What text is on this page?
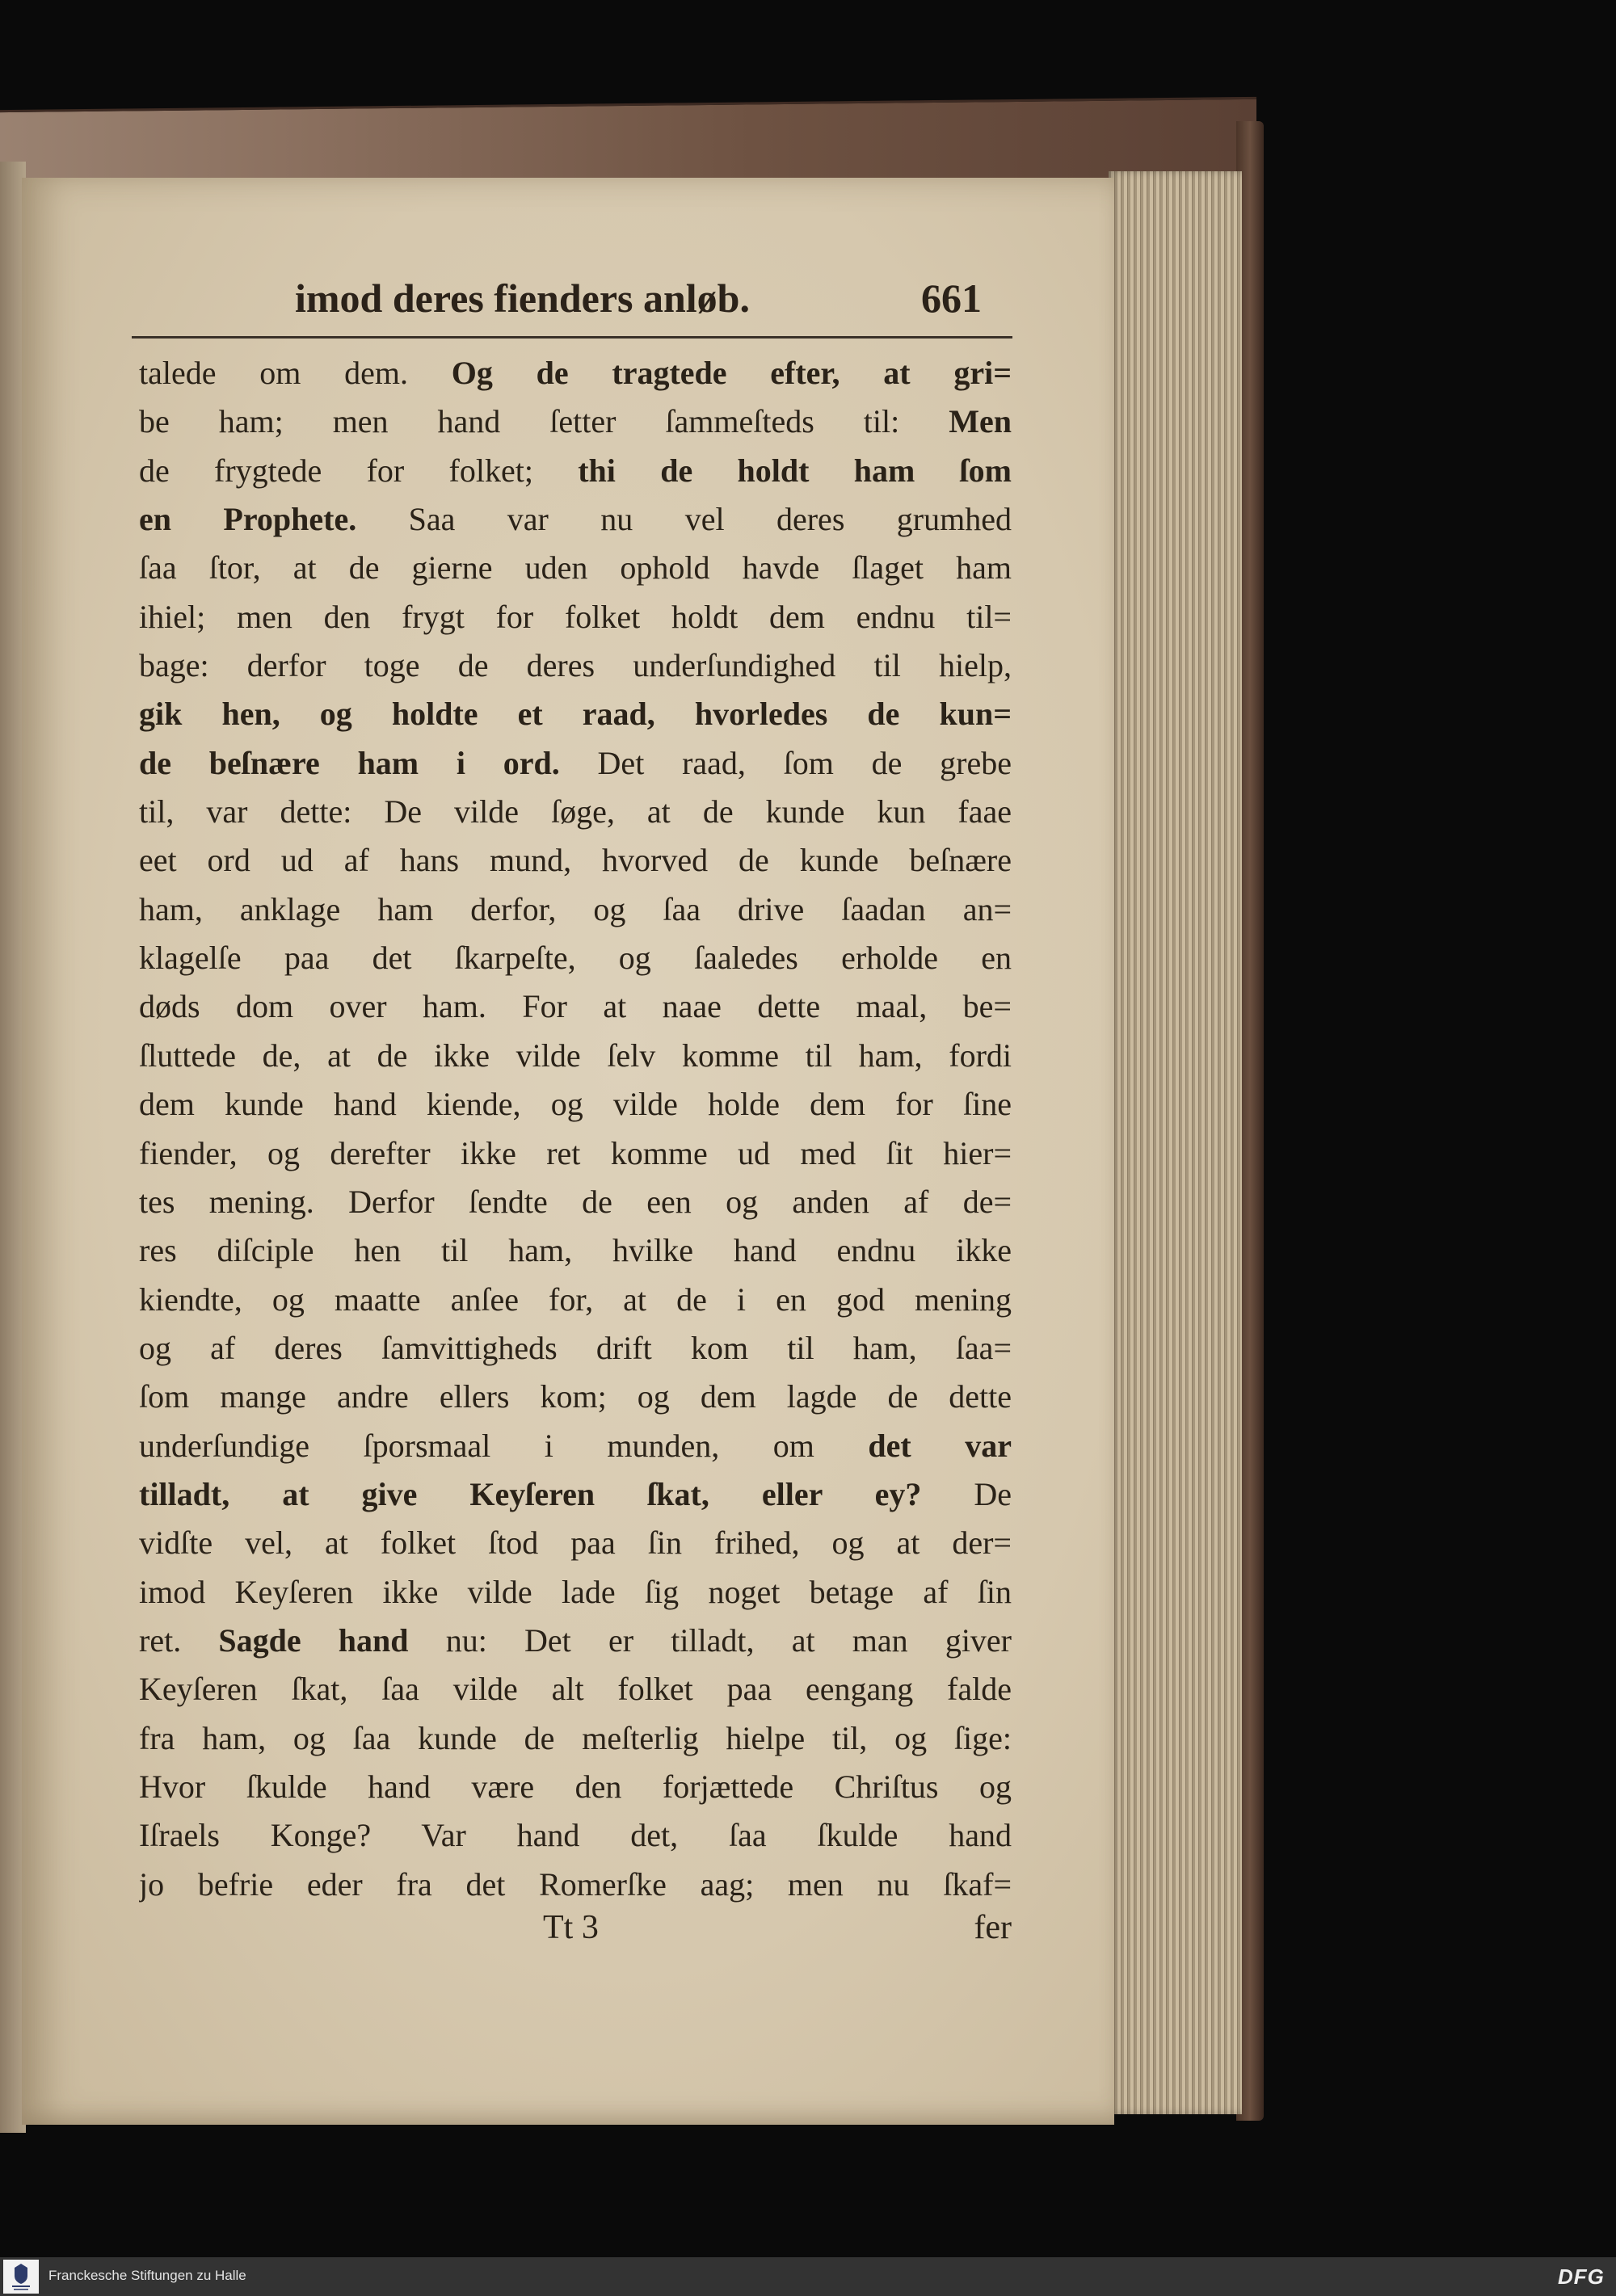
imod deres fienders anløb.	661
talede om dem. Og de tragtede efter, at gri=
be ham; men hand ſetter ſammeſteds til: Men
de frygtede for folket; thi de holdt ham ſom
en Prophete. Saa var nu vel deres grumhed
ſaa ſtor, at de gierne uden ophold havde ſlaget ham
ihiel; men den frygt for folket holdt dem endnu til=
bage: derfor toge de deres underſundighed til hielp,
gik hen, og holdte et raad, hvorledes de kun=
de beſnære ham i ord. Det raad, ſom de grebe
til, var dette: De vilde ſøge, at de kunde kun faae
eet ord ud af hans mund, hvorved de kunde beſnære
ham, anklage ham derfor, og ſaa drive ſaadan an=
klagelſe paa det ſkarpeſte, og ſaaledes erholde en
døds dom over ham. For at naae dette maal, be=
ſluttede de, at de ikke vilde ſelv komme til ham, fordi
dem kunde hand kiende, og vilde holde dem for ſine
fiender, og derefter ikke ret komme ud med ſit hier=
tes mening. Derfor ſendte de een og anden af de=
res diſciple hen til ham, hvilke hand endnu ikke
kiendte, og maatte anſee for, at de i en god mening
og af deres ſamvittigheds drift kom til ham, ſaa=
ſom mange andre ellers kom; og dem lagde de dette
underſundige ſporsmaal i munden, om det var
tilladt, at give Keyſeren ſkat, eller ey? De
vidſte vel, at folket ſtod paa ſin frihed, og at der=
imod Keyſeren ikke vilde lade ſig noget betage af ſin
ret. Sagde hand nu: Det er tilladt, at man giver
Keyſeren ſkat, ſaa vilde alt folket paa eengang falde
fra ham, og ſaa kunde de meſterlig hielpe til, og ſige:
Hvor ſkulde hand være den forjættede Chriſtus og
Iſraels Konge? Var hand det, ſaa ſkulde hand
jo befrie eder fra det Romerſke aag; men nu ſkaf=
Tt 3	fer
Franckesche Stiftungen zu Halle	DFG
